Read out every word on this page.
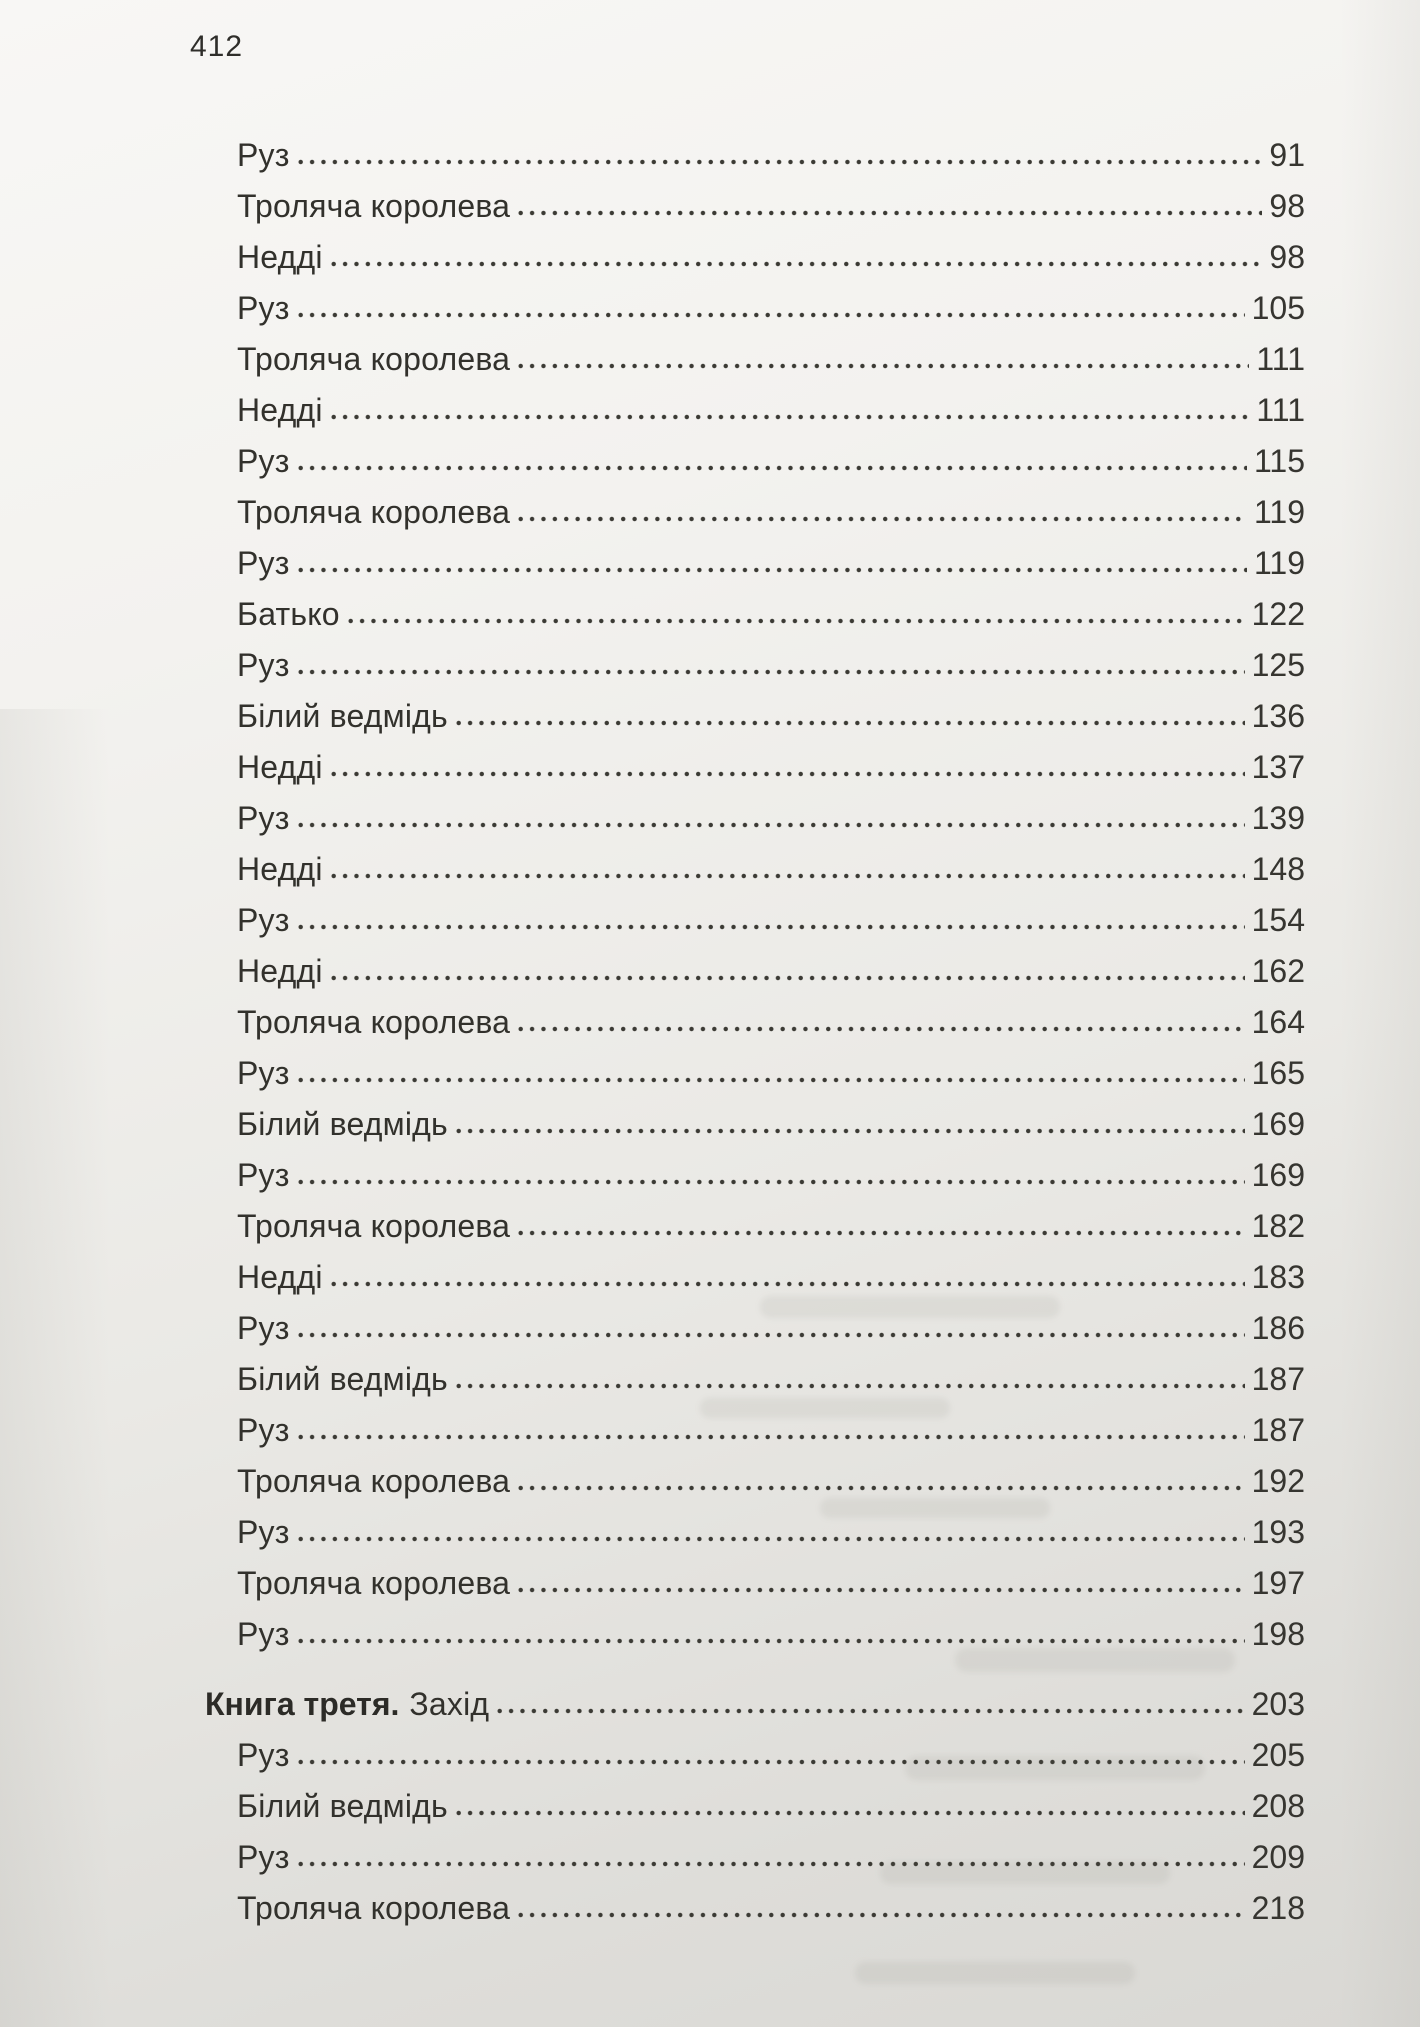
412
Руз	91
Троляча королева	98
Недді	98
Руз	105
Троляча королева	111
Недді	111
Руз	115
Троляча королева	119
Руз	119
Батько	122
Руз	125
Білий ведмідь	136
Недді	137
Руз	139
Недді	148
Руз	154
Недді	162
Троляча королева	164
Руз	165
Білий ведмідь	169
Руз	169
Троляча королева	182
Недді	183
Руз	186
Білий ведмідь	187
Руз	187
Троляча королева	192
Руз	193
Троляча королева	197
Руз	198
Книга третя. Захід	203
Руз	205
Білий ведмідь	208
Руз	209
Троляча королева	218
